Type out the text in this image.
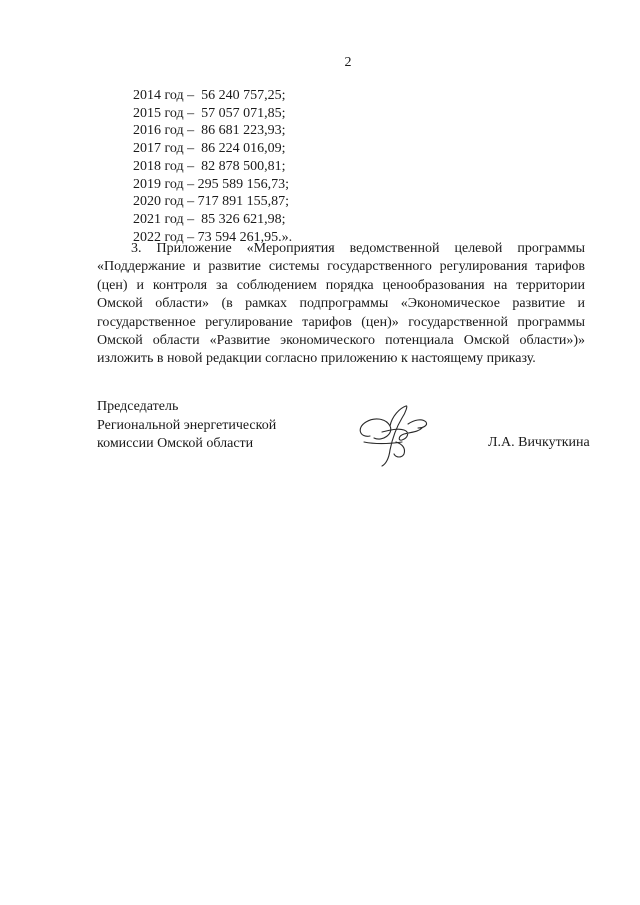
2
2014 год –  56 240 757,25;
2015 год –  57 057 071,85;
2016 год –  86 681 223,93;
2017 год –  86 224 016,09;
2018 год –  82 878 500,81;
2019 год – 295 589 156,73;
2020 год – 717 891 155,87;
2021 год –  85 326 621,98;
2022 год – 73 594 261,95.».

3. Приложение «Мероприятия ведомственной целевой программы «Поддержание и развитие системы государственного регулирования тарифов (цен) и контроля за соблюдением порядка ценообразования на территории Омской области» (в рамках подпрограммы «Экономическое развитие и государственное регулирование тарифов (цен)» государственной программы Омской области «Развитие экономического потенциала Омской области»)» изложить в новой редакции согласно приложению к настоящему приказу.

Председатель
Региональной энергетической
комиссии Омской области	Л.А. Вичкуткина
